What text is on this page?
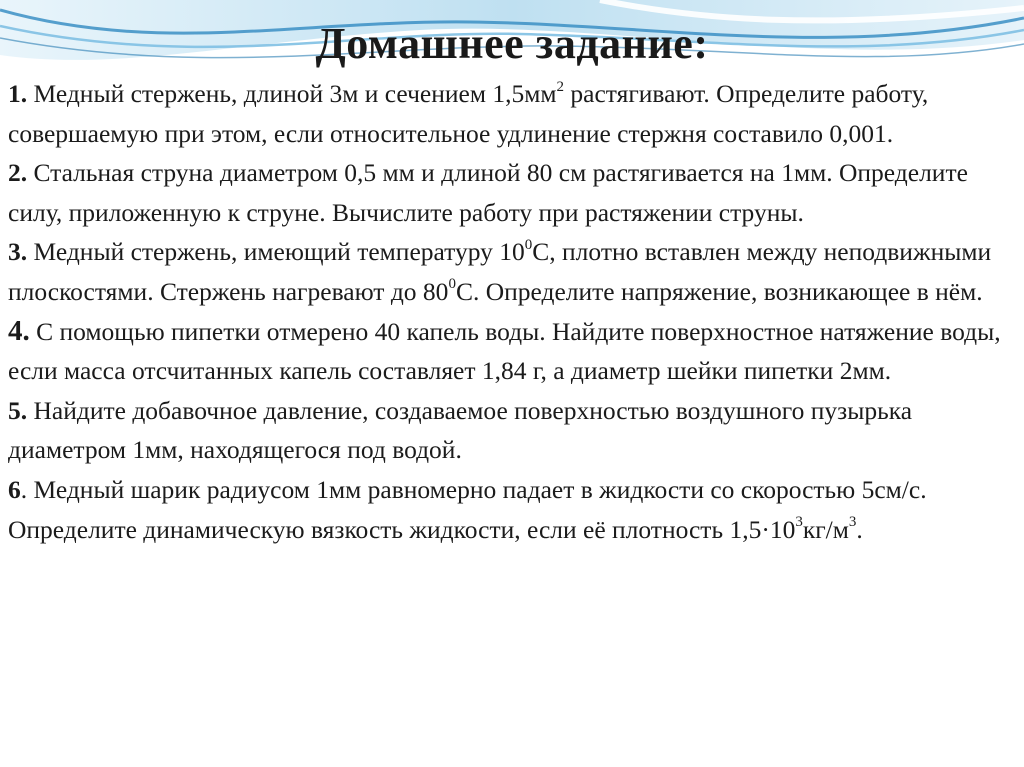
Домашнее задание:

1. Медный стержень, длиной 3м и сечением $1,5мм^2$ растягивают. Определите работу, совершаемую при этом, если относительное удлинение стержня составило 0,001.

2. Стальная струна диаметром 0,5 мм и длиной 80 см растягивается на 1мм. Определите силу, приложенную к струне. Вычислите работу при растяжении струны.

3. Медный стержень, имеющий температуру $10^0С$, плотно вставлен между неподвижными плоскостями. Стержень нагревают до $80^0С$. Определите напряжение, возникающее в нём.

4. С помощью пипетки отмерено 40 капель воды. Найдите поверхностное натяжение воды, если масса отсчитанных капель составляет 1,84 г, а диаметр шейки пипетки 2мм.

5. Найдите добавочное давление, создаваемое поверхностью воздушного пузырька диаметром 1мм, находящегося под водой.

6. Медный шарик радиусом 1мм равномерно падает в жидкости со скоростью 5см/с. Определите динамическую вязкость жидкости, если её плотность $1,5\cdot 10^3кг/м^3$.
